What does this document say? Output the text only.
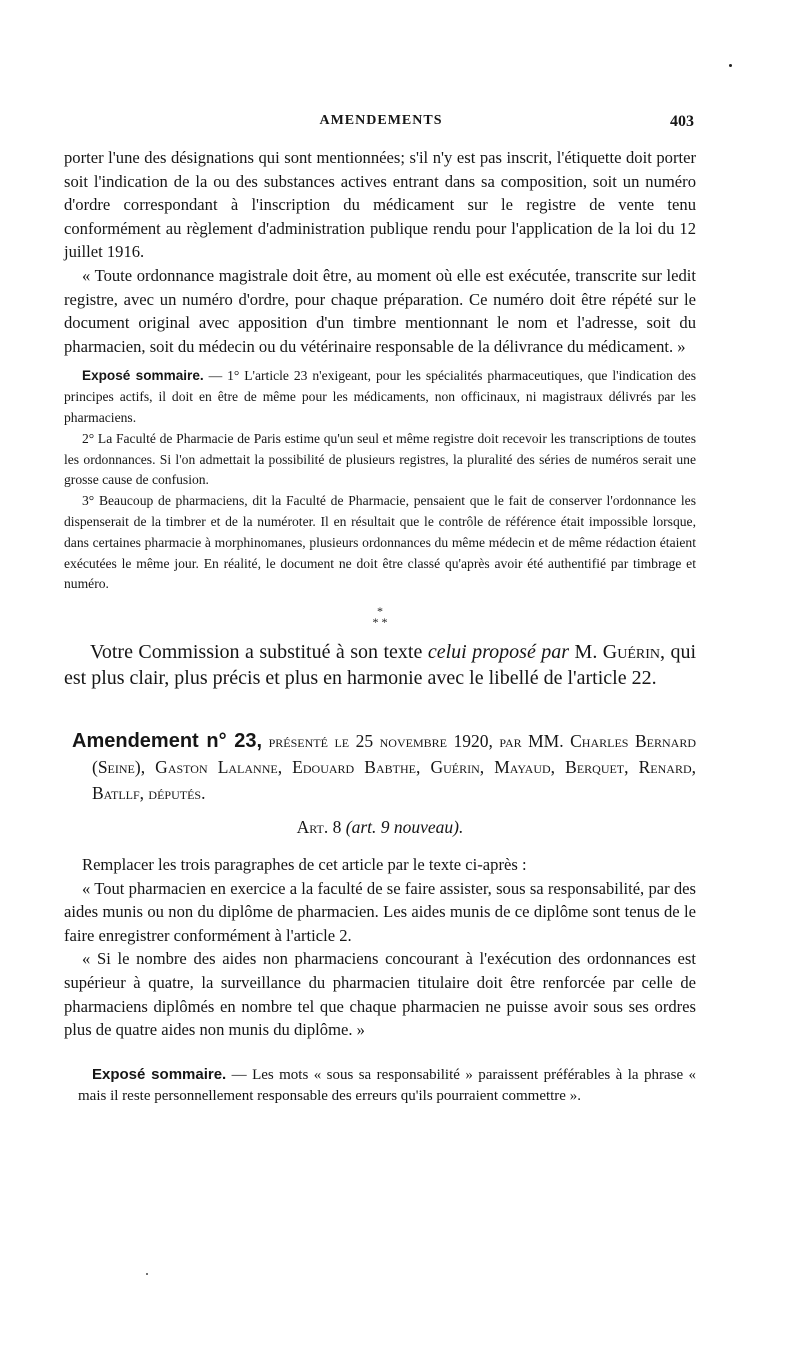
AMENDEMENTS	403

porter l'une des désignations qui sont mentionnées; s'il n'y est pas inscrit, l'étiquette doit porter soit l'indication de la ou des substances actives entrant dans sa composition, soit un numéro d'ordre correspondant à l'inscription du médicament sur le registre de vente tenu conformément au règlement d'administration publique rendu pour l'application de la loi du 12 juillet 1916.

« Toute ordonnance magistrale doit être, au moment où elle est exécutée, transcrite sur ledit registre, avec un numéro d'ordre, pour chaque préparation. Ce numéro doit être répété sur le document original avec apposition d'un timbre mentionnant le nom et l'adresse, soit du pharmacien, soit du médecin ou du vétérinaire responsable de la délivrance du médicament. »

Exposé sommaire. — 1° L'article 23 n'exigeant, pour les spécialités pharmaceutiques, que l'indication des principes actifs, il doit en être de même pour les médicaments, non officinaux, ni magistraux délivrés par les pharmaciens.

2° La Faculté de Pharmacie de Paris estime qu'un seul et même registre doit recevoir les transcriptions de toutes les ordonnances. Si l'on admettait la possibilité de plusieurs registres, la pluralité des séries de numéros serait une grosse cause de confusion.

3° Beaucoup de pharmaciens, dit la Faculté de Pharmacie, pensaient que le fait de conserver l'ordonnance les dispenserait de la timbrer et de la numéroter. Il en résultait que le contrôle de référence était impossible lorsque, dans certaines pharmacie à morphinomanes, plusieurs ordonnances du même médecin et de même rédaction étaient exécutées le même jour. En réalité, le document ne doit être classé qu'après avoir été authentifié par timbrage et numéro.

*
* *

Votre Commission a substitué à son texte celui proposé par M. Guérin, qui est plus clair, plus précis et plus en harmonie avec le libellé de l'article 22.

Amendement n° 23, présenté le 25 novembre 1920, par MM. Charles Bernard (Seine), Gaston Lalanne, Edouard Babthe, Guérin, Mayaud, Berquet, Renard, Batllf, députés.
Art. 8 (art. 9 nouveau).

Remplacer les trois paragraphes de cet article par le texte ci-après :

« Tout pharmacien en exercice a la faculté de se faire assister, sous sa responsabilité, par des aides munis ou non du diplôme de pharmacien. Les aides munis de ce diplôme sont tenus de le faire enregistrer conformément à l'article 2.

« Si le nombre des aides non pharmaciens concourant à l'exécution des ordonnances est supérieur à quatre, la surveillance du pharmacien titulaire doit être renforcée par celle de pharmaciens diplômés en nombre tel que chaque pharmacien ne puisse avoir sous ses ordres plus de quatre aides non munis du diplôme. »

Exposé sommaire. — Les mots « sous sa responsabilité » paraissent préférables à la phrase « mais il reste personnellement responsable des erreurs qu'ils pourraient commettre ».
